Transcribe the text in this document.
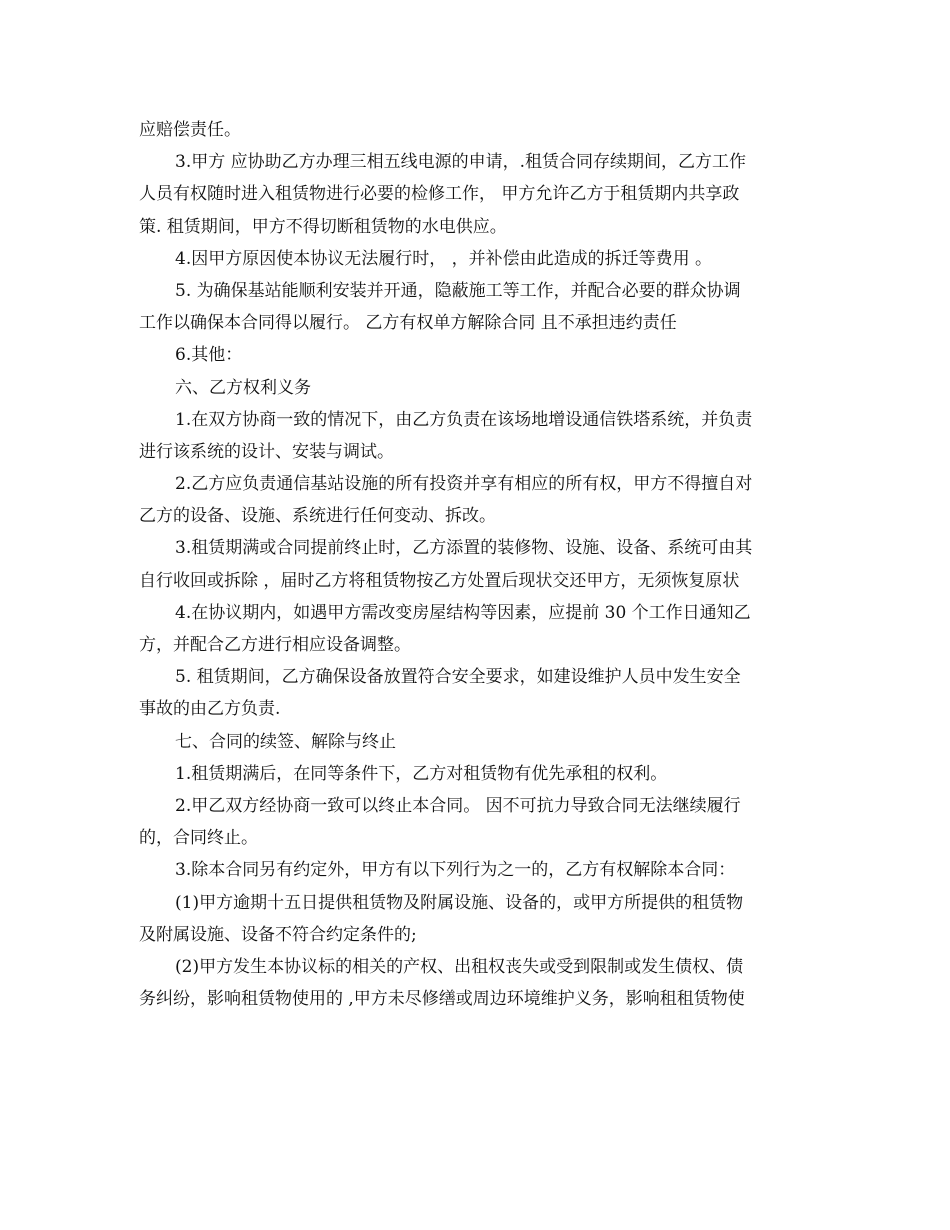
应赔偿责任。
3.甲方 应协助乙方办理三相五线电源的申请，.租赁合同存续期间，乙方工作
人员有权随时进入租赁物进行必要的检修工作， 甲方允许乙方于租赁期内共享政
策. 租赁期间，甲方不得切断租赁物的水电供应。
4.因甲方原因使本协议无法履行时， ，并补偿由此造成的拆迁等费用 。
5. 为确保基站能顺利安装并开通，隐蔽施工等工作，并配合必要的群众协调
工作以确保本合同得以履行。 乙方有权单方解除合同 且不承担违约责任
6.其他：
六、乙方权利义务
1.在双方协商一致的情况下，由乙方负责在该场地增设通信铁塔系统，并负责
进行该系统的设计、安装与调试。
2.乙方应负责通信基站设施的所有投资并享有相应的所有权，甲方不得擅自对
乙方的设备、设施、系统进行任何变动、拆改。
3.租赁期满或合同提前终止时，乙方添置的装修物、设施、设备、系统可由其
自行收回或拆除 ，届时乙方将租赁物按乙方处置后现状交还甲方，无须恢复原状
4.在协议期内，如遇甲方需改变房屋结构等因素，应提前 30 个工作日通知乙
方，并配合乙方进行相应设备调整。
5. 租赁期间，乙方确保设备放置符合安全要求，如建设维护人员中发生安全
事故的由乙方负责.
七、合同的续签、解除与终止
1.租赁期满后，在同等条件下，乙方对租赁物有优先承租的权利。
2.甲乙双方经协商一致可以终止本合同。 因不可抗力导致合同无法继续履行
的，合同终止。
3.除本合同另有约定外，甲方有以下列行为之一的，乙方有权解除本合同：
(1)甲方逾期十五日提供租赁物及附属设施、设备的，或甲方所提供的租赁物
及附属设施、设备不符合约定条件的;
(2)甲方发生本协议标的相关的产权、出租权丧失或受到限制或发生债权、债
务纠纷，影响租赁物使用的 ,甲方未尽修缮或周边环境维护义务，影响租租赁物使
